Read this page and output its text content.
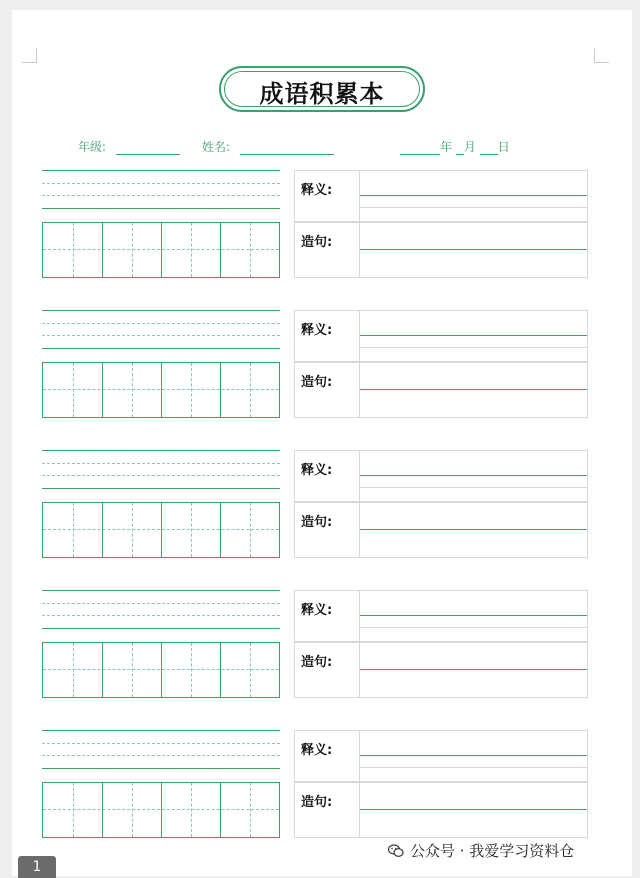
成语积累本
年级:	姓名:	年 月 日
释义:
造句:
释义:
造句:
释义:
造句:
释义:
造句:
释义:
造句:
公众号 · 我爱学习资料仓
1
